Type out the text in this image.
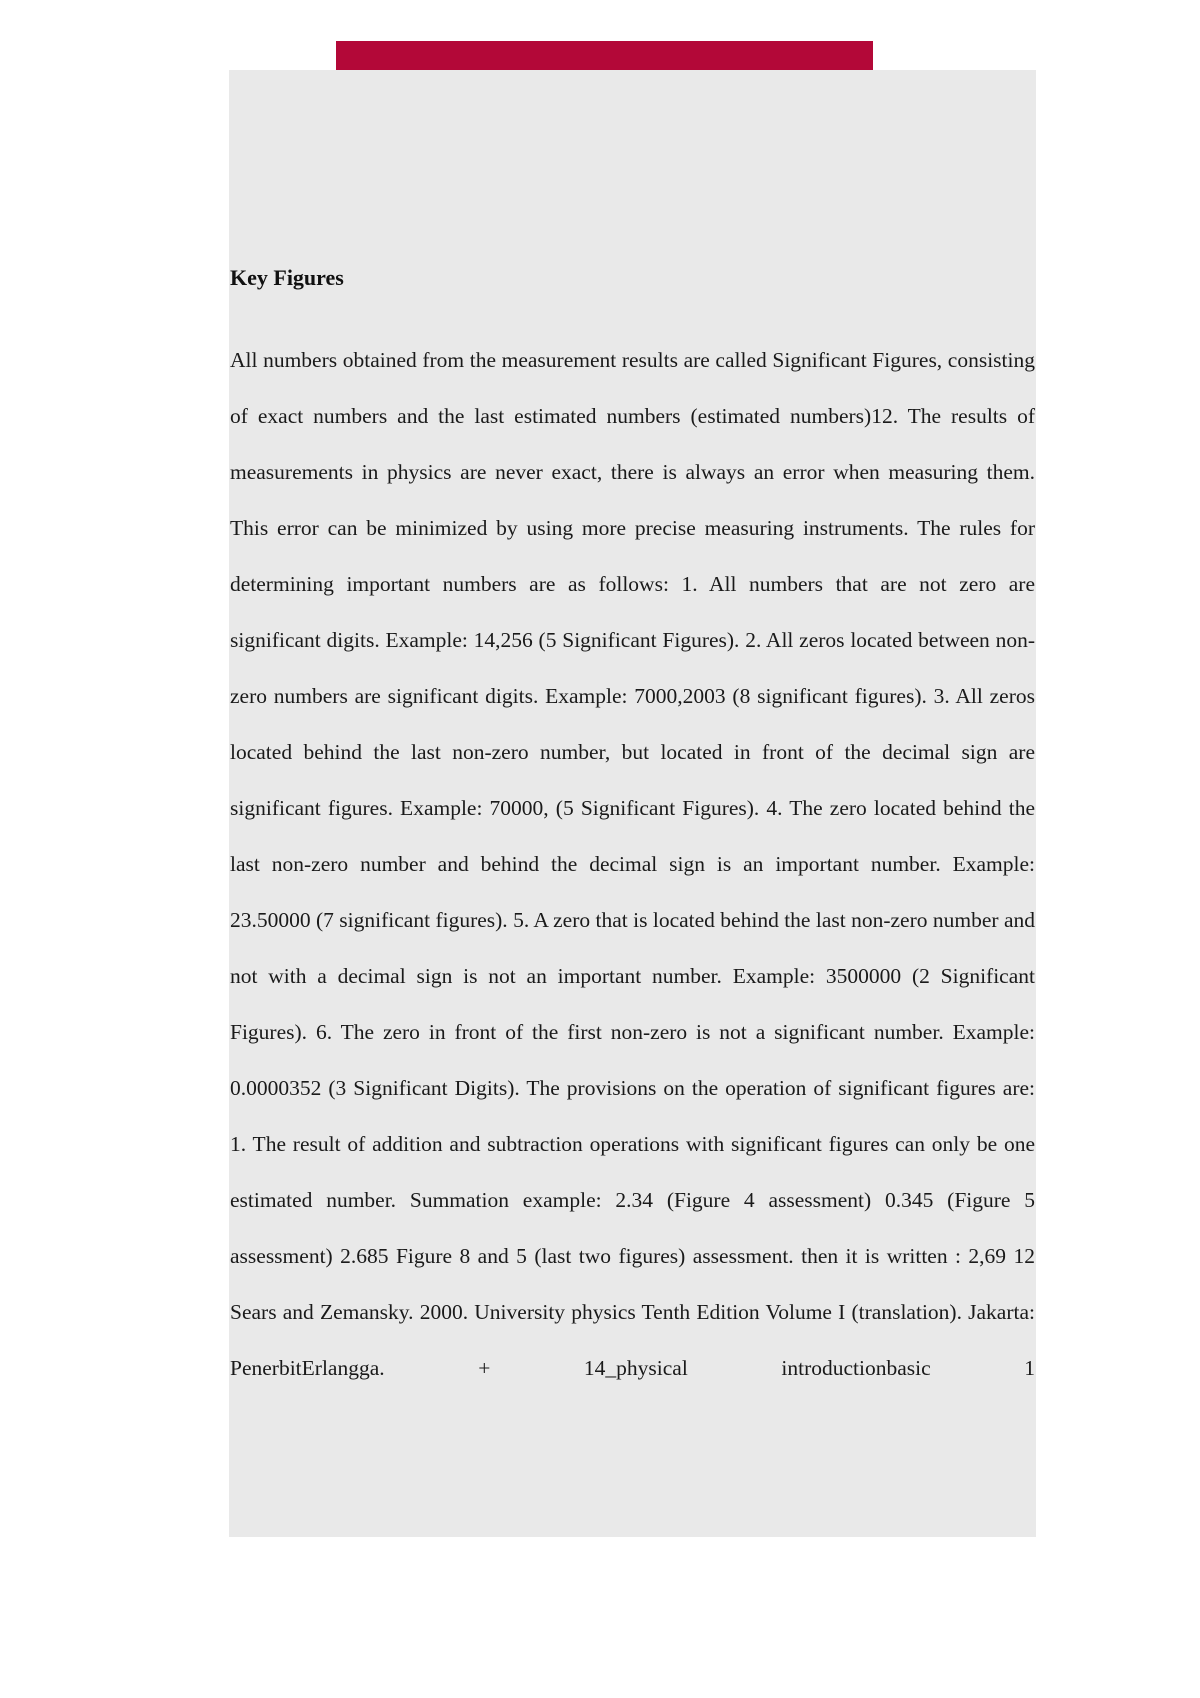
Key Figures

All numbers obtained from the measurement results are called Significant Figures, consisting of exact numbers and the last estimated numbers (estimated numbers)12. The results of measurements in physics are never exact, there is always an error when measuring them. This error can be minimized by using more precise measuring instruments. The rules for determining important numbers are as follows: 1. All numbers that are not zero are significant digits. Example: 14,256 (5 Significant Figures). 2. All zeros located between non-zero numbers are significant digits. Example: 7000,2003 (8 significant figures). 3. All zeros located behind the last non-zero number, but located in front of the decimal sign are significant figures. Example: 70000, (5 Significant Figures). 4. The zero located behind the last non-zero number and behind the decimal sign is an important number. Example: 23.50000 (7 significant figures). 5. A zero that is located behind the last non-zero number and not with a decimal sign is not an important number. Example: 3500000 (2 Significant Figures). 6. The zero in front of the first non-zero is not a significant number. Example: 0.0000352 (3 Significant Digits). The provisions on the operation of significant figures are: 1. The result of addition and subtraction operations with significant figures can only be one estimated number. Summation example: 2.34 (Figure 4 assessment) 0.345 (Figure 5 assessment) 2.685 Figure 8 and 5 (last two figures) assessment. then it is written : 2,69 12 Sears and Zemansky. 2000. University physics Tenth Edition Volume I (translation). Jakarta: PenerbitErlangga. + 14_physical introductionbasic 1
